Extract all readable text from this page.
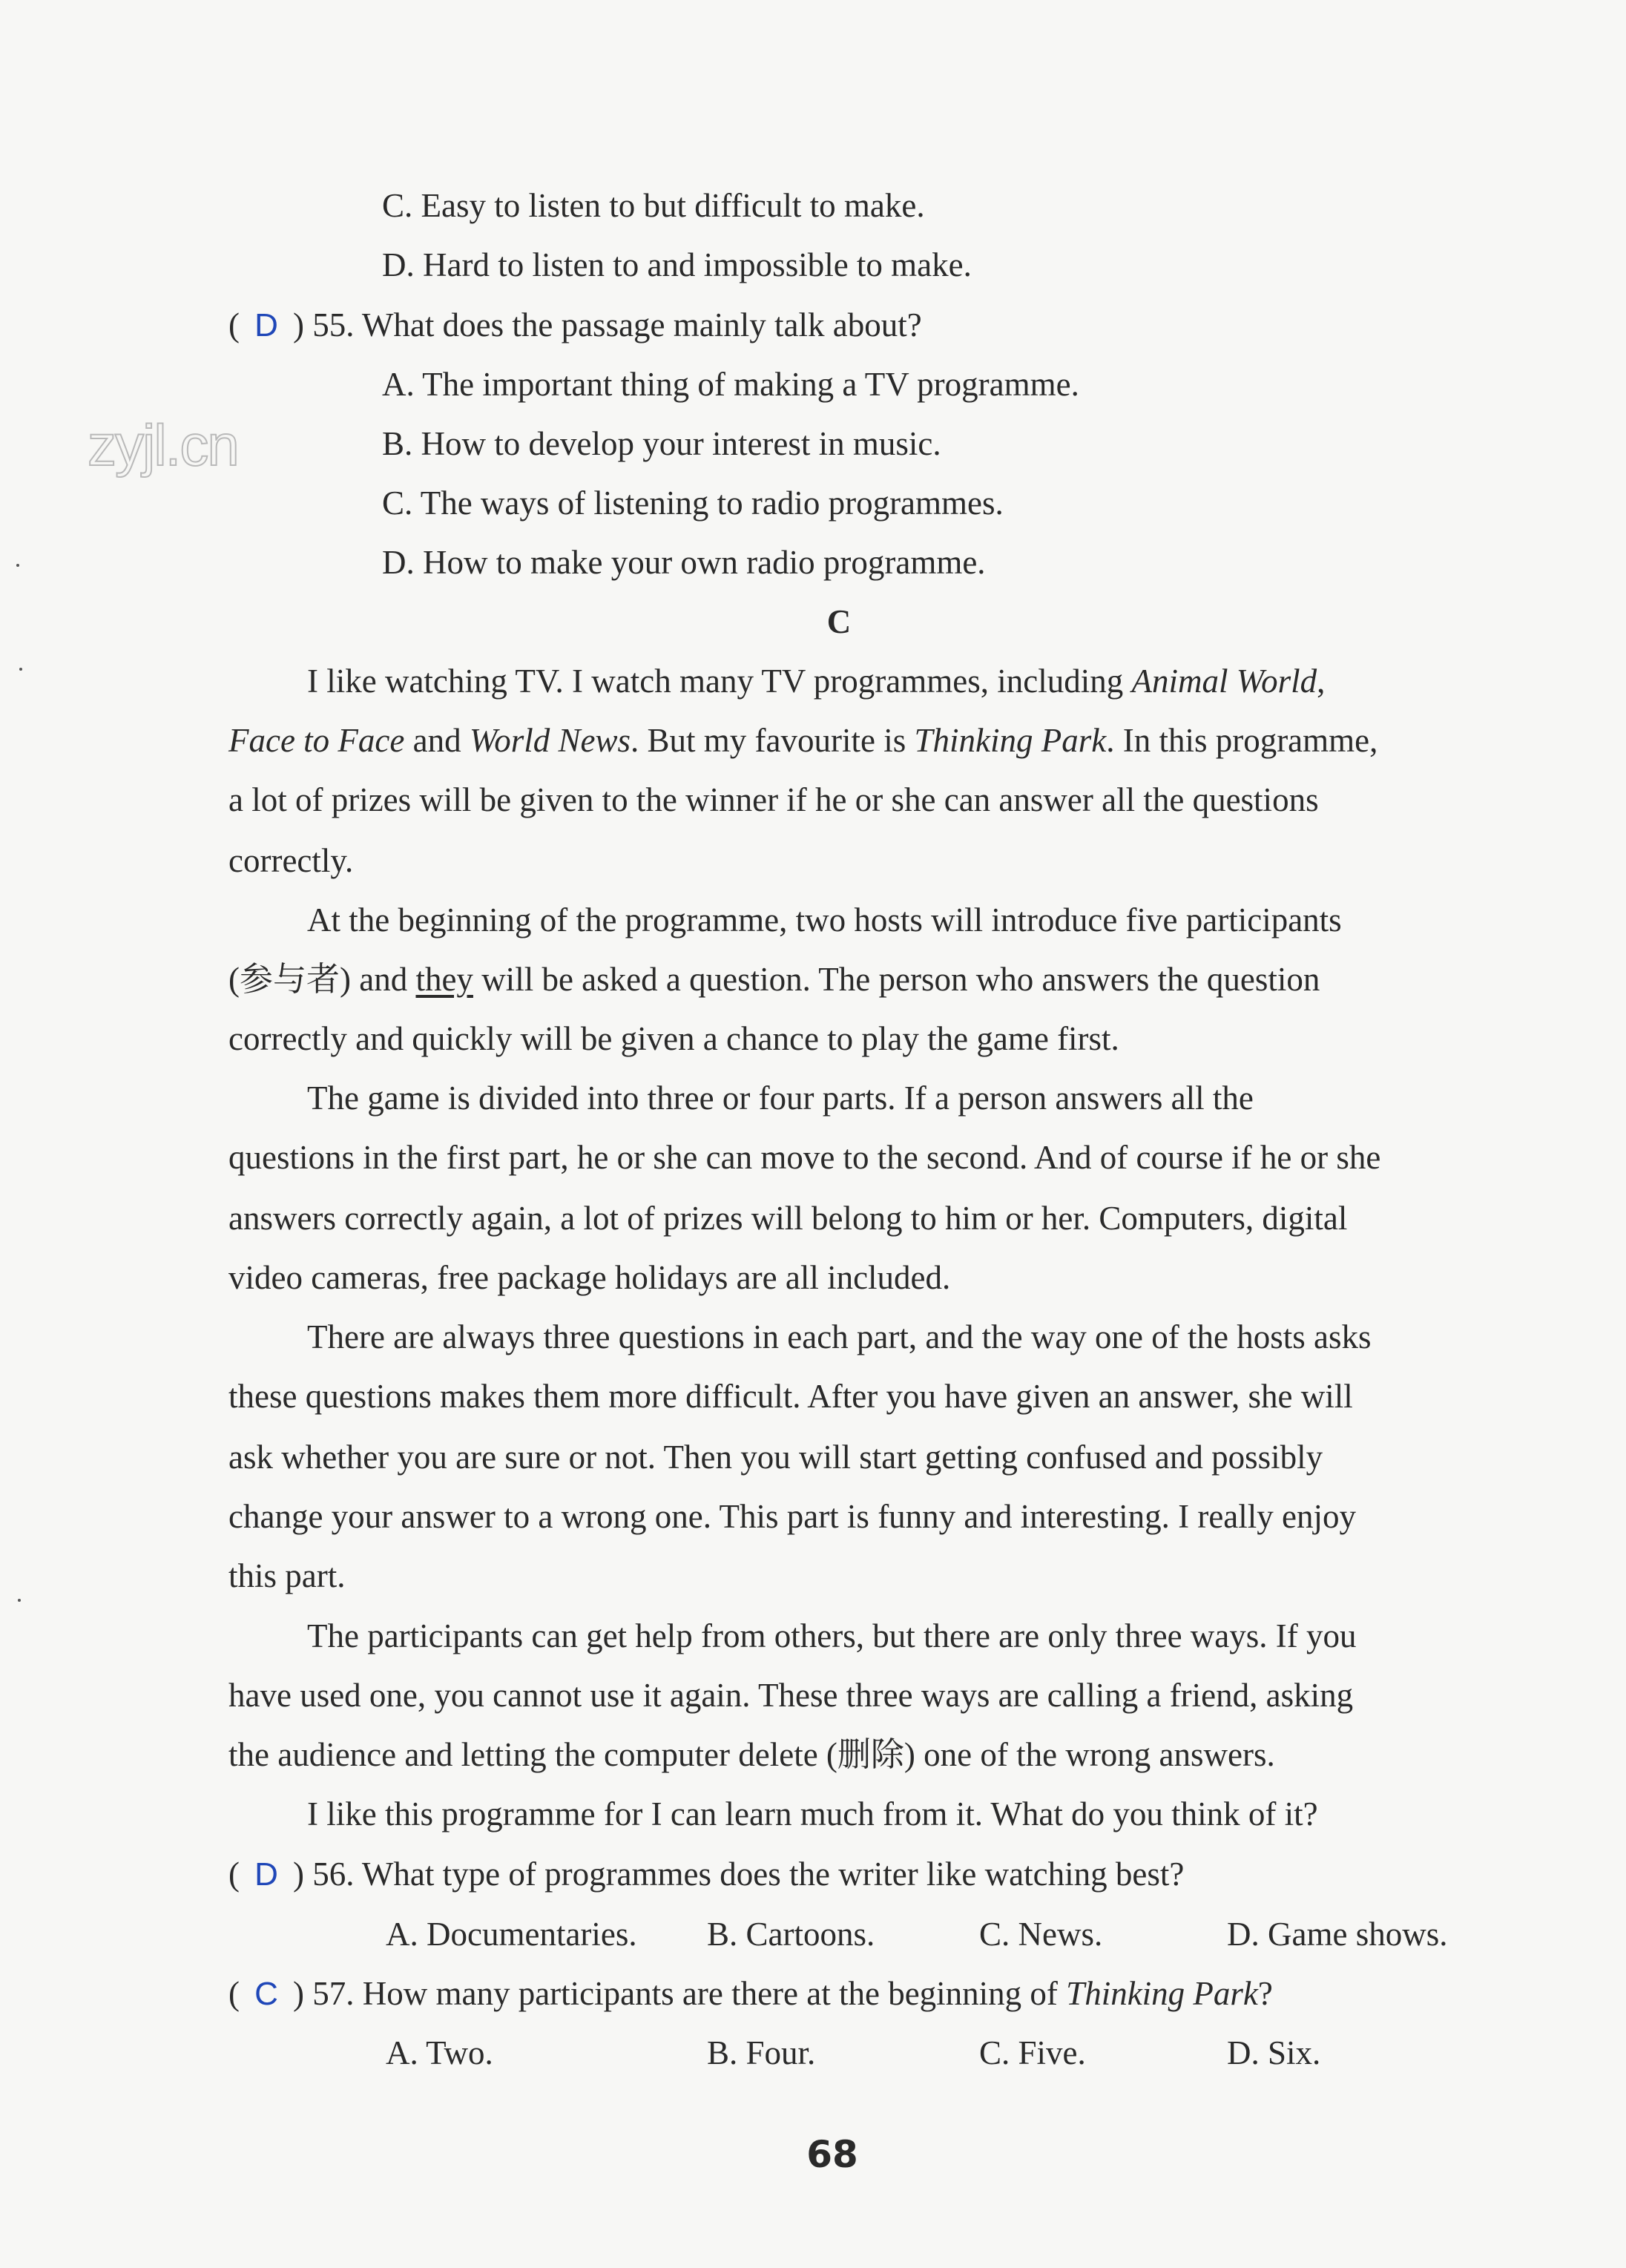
zyjl.cn
C. Easy to listen to but difficult to make.
D. Hard to listen to and impossible to make.
( D ) 55. What does the passage mainly talk about?
A. The important thing of making a TV programme.
B. How to develop your interest in music.
C. The ways of listening to radio programmes.
D. How to make your own radio programme.
C
I like watching TV. I watch many TV programmes, including Animal World,
Face to Face and World News. But my favourite is Thinking Park. In this programme,
a lot of prizes will be given to the winner if he or she can answer all the questions
correctly.
At the beginning of the programme, two hosts will introduce five participants
(参与者) and they will be asked a question. The person who answers the question
correctly and quickly will be given a chance to play the game first.
The game is divided into three or four parts. If a person answers all the
questions in the first part, he or she can move to the second. And of course if he or she
answers correctly again, a lot of prizes will belong to him or her. Computers, digital
video cameras, free package holidays are all included.
There are always three questions in each part, and the way one of the hosts asks
these questions makes them more difficult. After you have given an answer, she will
ask whether you are sure or not. Then you will start getting confused and possibly
change your answer to a wrong one. This part is funny and interesting. I really enjoy
this part.
The participants can get help from others, but there are only three ways. If you
have used one, you cannot use it again. These three ways are calling a friend, asking
the audience and letting the computer delete (删除) one of the wrong answers.
I like this programme for I can learn much from it. What do you think of it?
( D ) 56. What type of programmes does the writer like watching best?
A. Documentaries. B. Cartoons.	C. News.	D. Game shows.
( C ) 57. How many participants are there at the beginning of Thinking Park?
A. Two.	B. Four.	C. Five.	D. Six.
68
